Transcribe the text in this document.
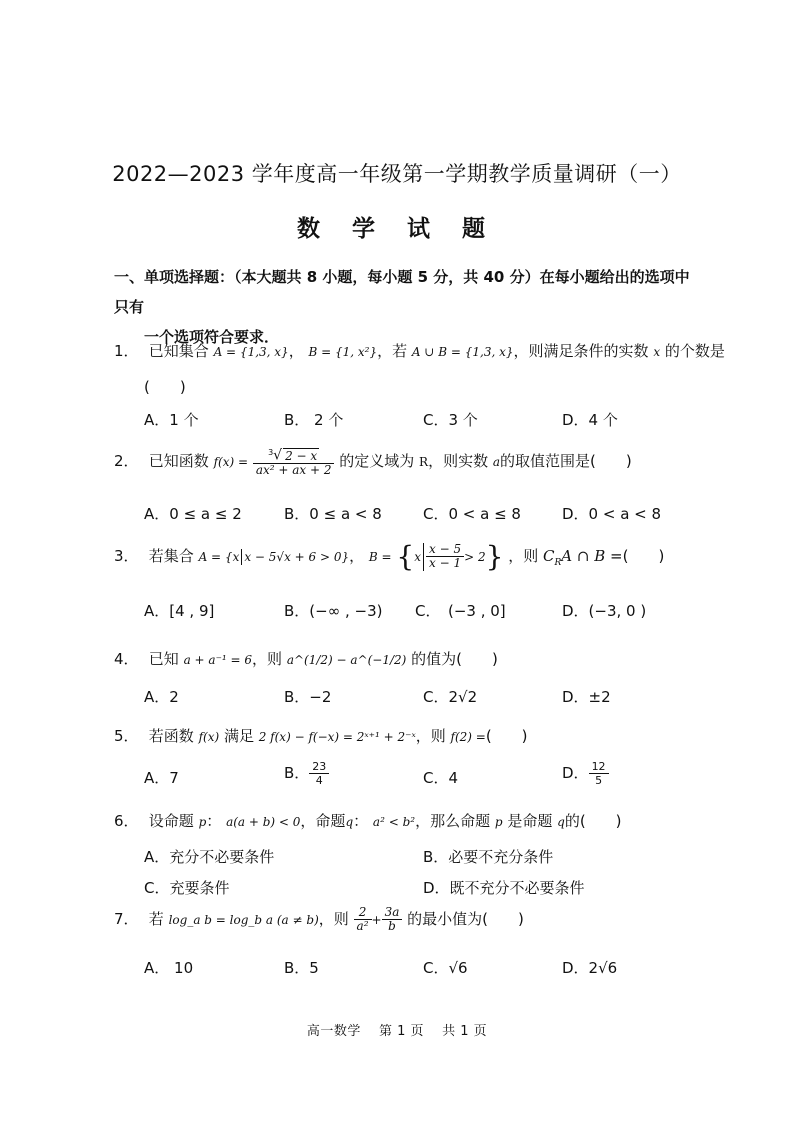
2022—2023 学年度高一年级第一学期教学质量调研（一）
数 学 试 题
一、单项选择题：（本大题共 8 小题，每小题 5 分，共 40 分）在每小题给出的选项中只有
一个选项符合要求．
1． 已知集合 A = {1,3, x}， B = {1, x²}，若 A ∪ B = {1,3, x}，则满足条件的实数 x 的个数是
(　　)
A．1 个	B． 2 个	C．3 个	D．4 个
2． 已知函数 $f(x) = \frac{^3√ 2 - x}{\text{ax² + ax + 2}}$ 的定义域为 R，则实数 a的取值范围是(　　)
A．0 ≤ a ≤ 2	B．0 ≤ a < 8	C．0 < a ≤ 8	D．0 < a < 8
3． 若集合 A = {x x − 5√x + 6 > 0}， $B = \{x \frac{x - 5}{x - 1} > 2\}$ ，则 $C_RA$ ∩ B =(　　)
A．[4 , 9]	B．(−∞ , −3) C．　(−3 , 0]	D．(−3, 0 )
4． 已知 a + a⁻¹ = 6，则 a^(1/2) − a^(−1/2) 的值为(　　)
A．2	B．−2	C．2√2	D．±2
5． 若函数 f(x) 满足 2 f(x) − f(−x) = 2ˣ⁺¹ + 2⁻ˣ，则 f(2) =(　　)
A．7	B． $\frac{23}{4}$	C．4	D． $\frac{12}{5}$
6． 设命题 p： a(a + b) < 0，命题q： a² < b²，那么命题 p 是命题 q的(　　)
A．充分不必要条件	B．必要不充分条件
C．充要条件	D．既不充分不必要条件
7． 若 log_a b = log_b a (a ≠ b)，则 $\frac{2}{\text{a²}} + \frac{3a}{b}$ 的最小值为(　　)
A． 10	B．5	C．√6	D．2√6
高一数学　 第 1 页　 共 1 页
